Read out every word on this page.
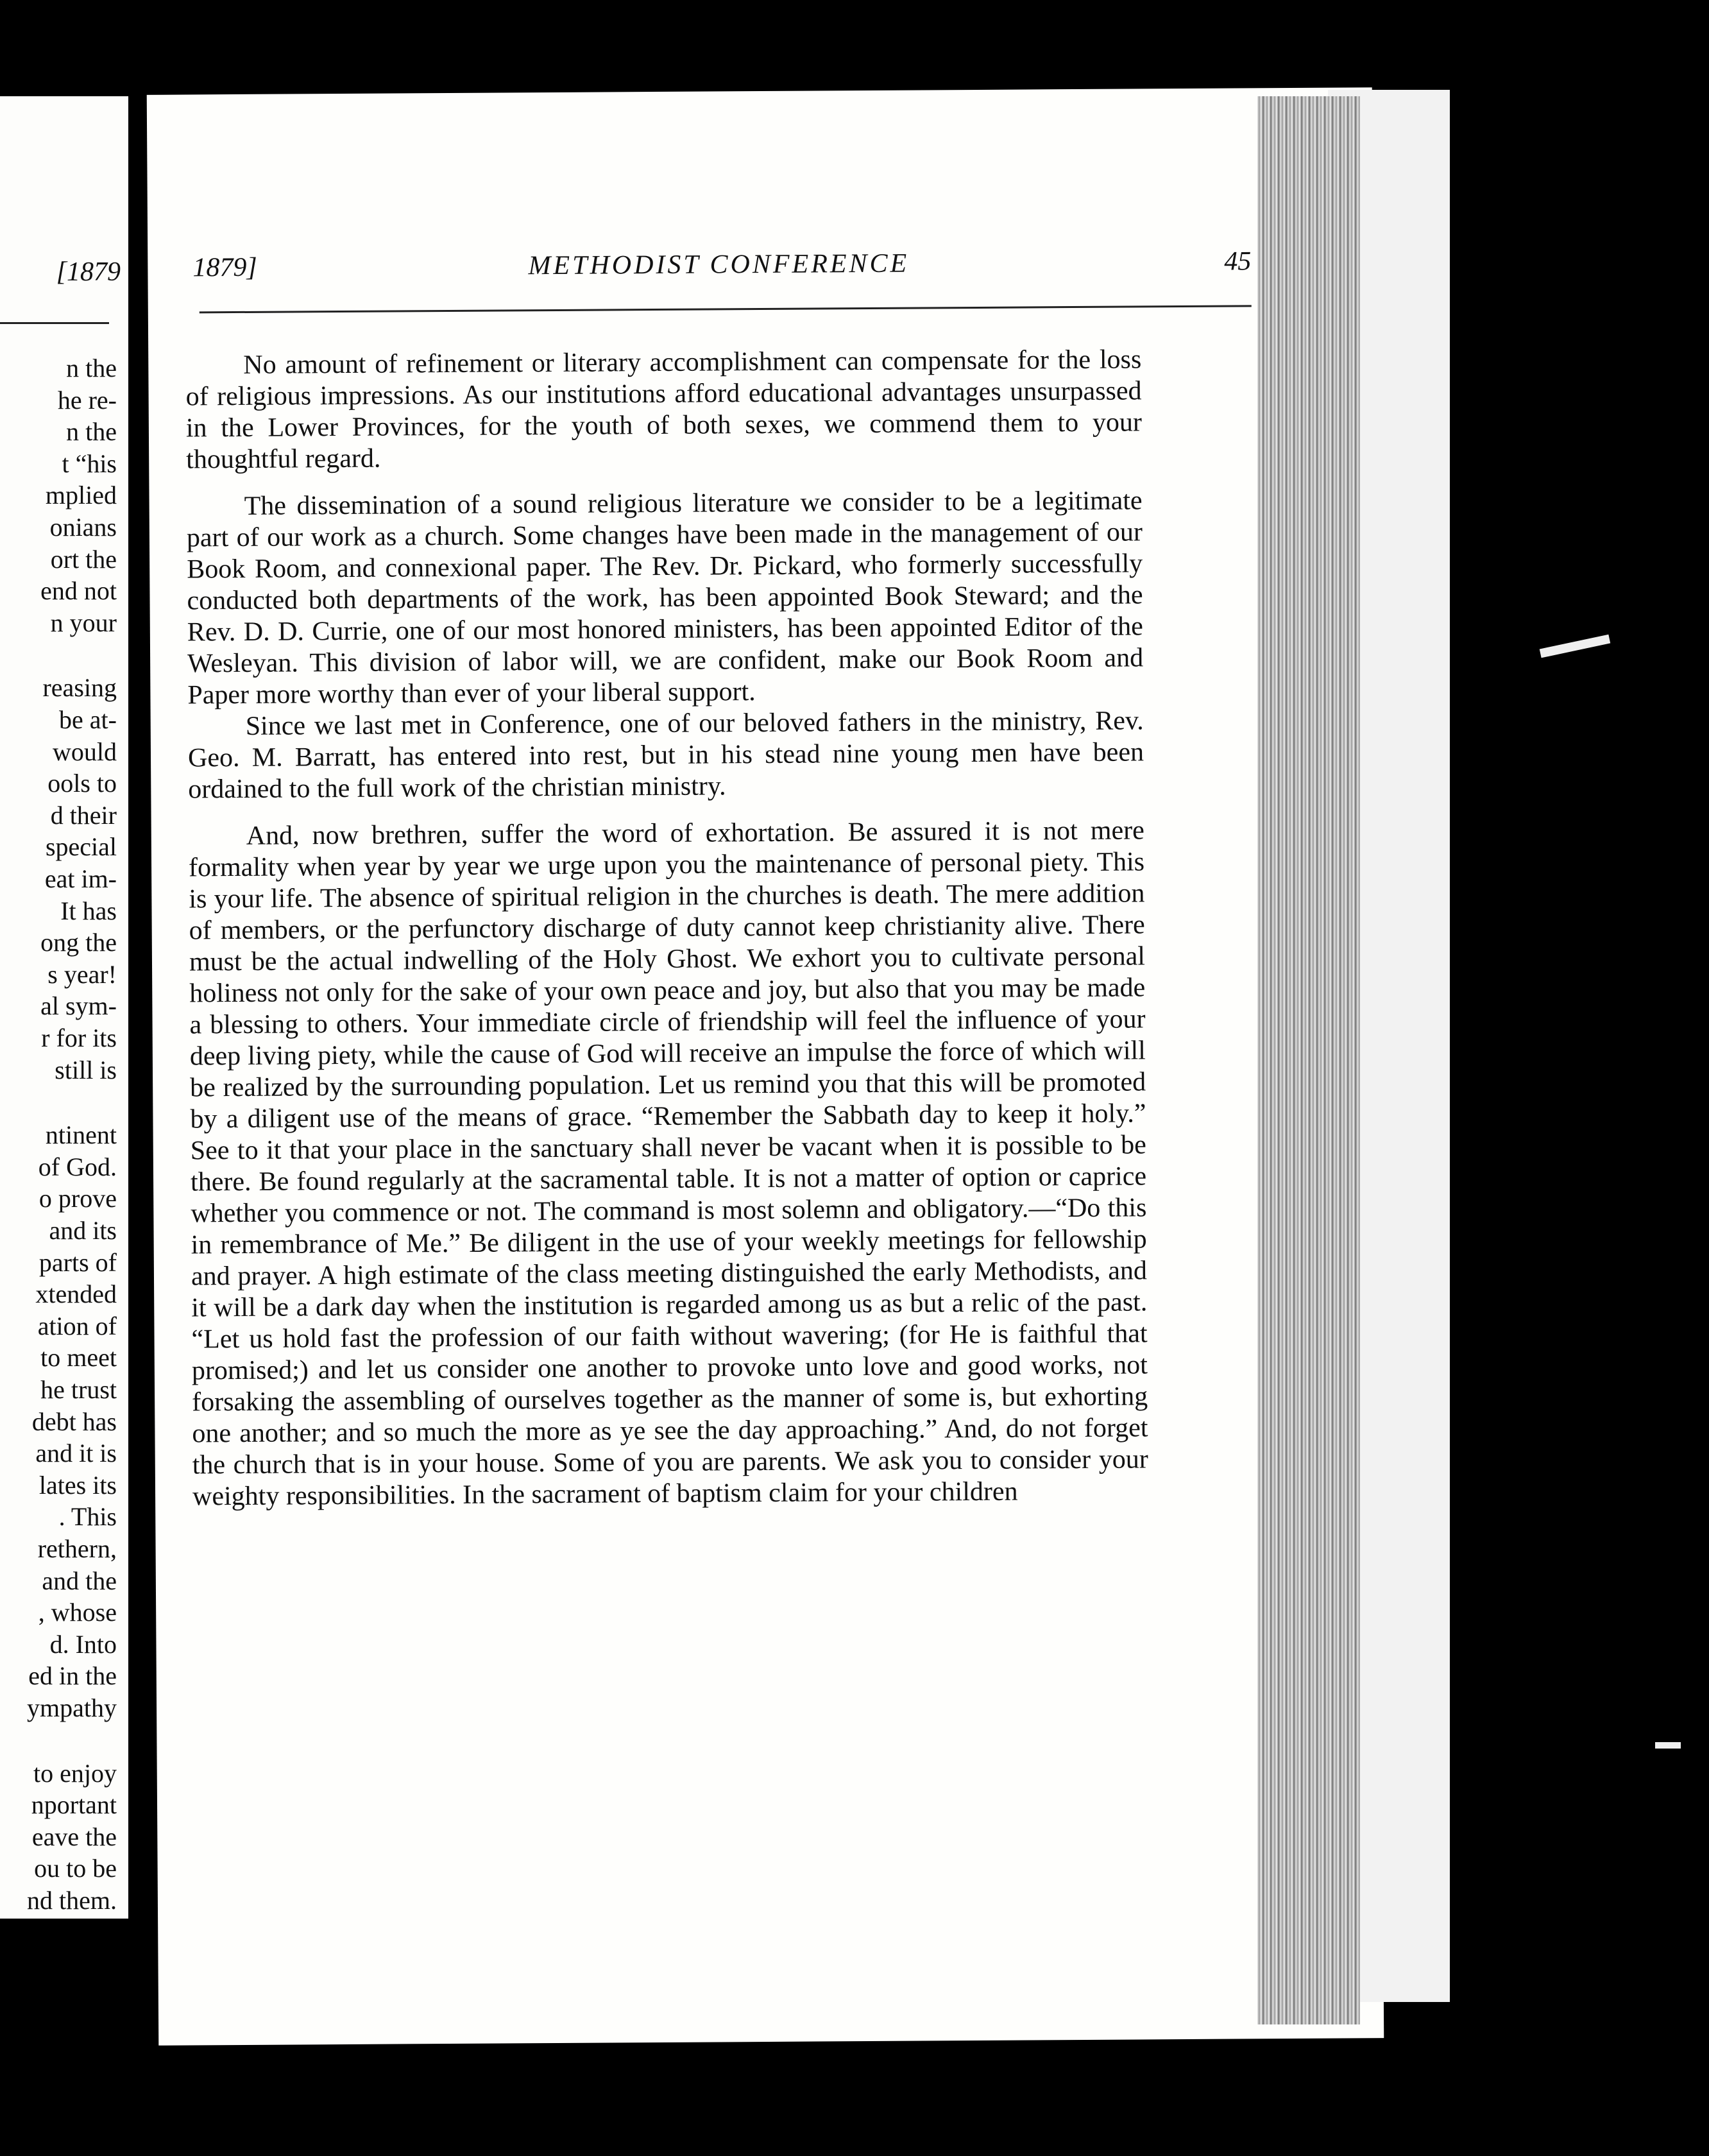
[1879
n the
he re-
n the
t “his
mplied
onians
ort the
end not
n your
reasing
be at-
would
ools to
d their
special
eat im-
It has
ong the
s year!
al sym-
r for its
still is
ntinent
of God.
o prove
and its
parts of
xtended
ation of
to meet
he trust
debt has
and it is
lates its
. This
rethern,
and the
, whose
d. Into
ed in the
ympathy
to enjoy
nportant
eave the
ou to be
nd them.
1879]	METHODIST CONFERENCE	45

No amount of refinement or literary accomplishment can compensate for the loss of religious impressions. As our institutions afford educational advantages unsurpassed in the Lower Provinces, for the youth of both sexes, we commend them to your thoughtful regard.

The dissemination of a sound religious literature we consider to be a legitimate part of our work as a church. Some changes have been made in the management of our Book Room, and connexional paper. The Rev. Dr. Pickard, who formerly successfully conducted both departments of the work, has been appointed Book Steward; and the Rev. D. D. Currie, one of our most honored ministers, has been appointed Editor of the Wesleyan. This division of labor will, we are confident, make our Book Room and Paper more worthy than ever of your liberal support.

Since we last met in Conference, one of our beloved fathers in the ministry, Rev. Geo. M. Barratt, has entered into rest, but in his stead nine young men have been ordained to the full work of the christian ministry.

And, now brethren, suffer the word of exhortation. Be assured it is not mere formality when year by year we urge upon you the maintenance of personal piety. This is your life. The absence of spiritual religion in the churches is death. The mere addition of members, or the perfunctory discharge of duty cannot keep christianity alive. There must be the actual indwelling of the Holy Ghost. We exhort you to cultivate personal holiness not only for the sake of your own peace and joy, but also that you may be made a blessing to others. Your immediate circle of friendship will feel the influence of your deep living piety, while the cause of God will receive an impulse the force of which will be realized by the surrounding population. Let us remind you that this will be promoted by a diligent use of the means of grace. “Remember the Sabbath day to keep it holy.” See to it that your place in the sanctuary shall never be vacant when it is possible to be there. Be found regularly at the sacramental table. It is not a matter of option or caprice whether you commence or not. The command is most solemn and obligatory.—“Do this in remembrance of Me.” Be diligent in the use of your weekly meetings for fellowship and prayer. A high estimate of the class meeting distinguished the early Methodists, and it will be a dark day when the institution is regarded among us as but a relic of the past. “Let us hold fast the profession of our faith without wavering; (for He is faithful that promised;) and let us consider one another to provoke unto love and good works, not forsaking the assembling of ourselves together as the manner of some is, but exhorting one another; and so much the more as ye see the day approaching.” And, do not forget the church that is in your house. Some of you are parents. We ask you to consider your weighty responsibilities. In the sacrament of baptism claim for your children
